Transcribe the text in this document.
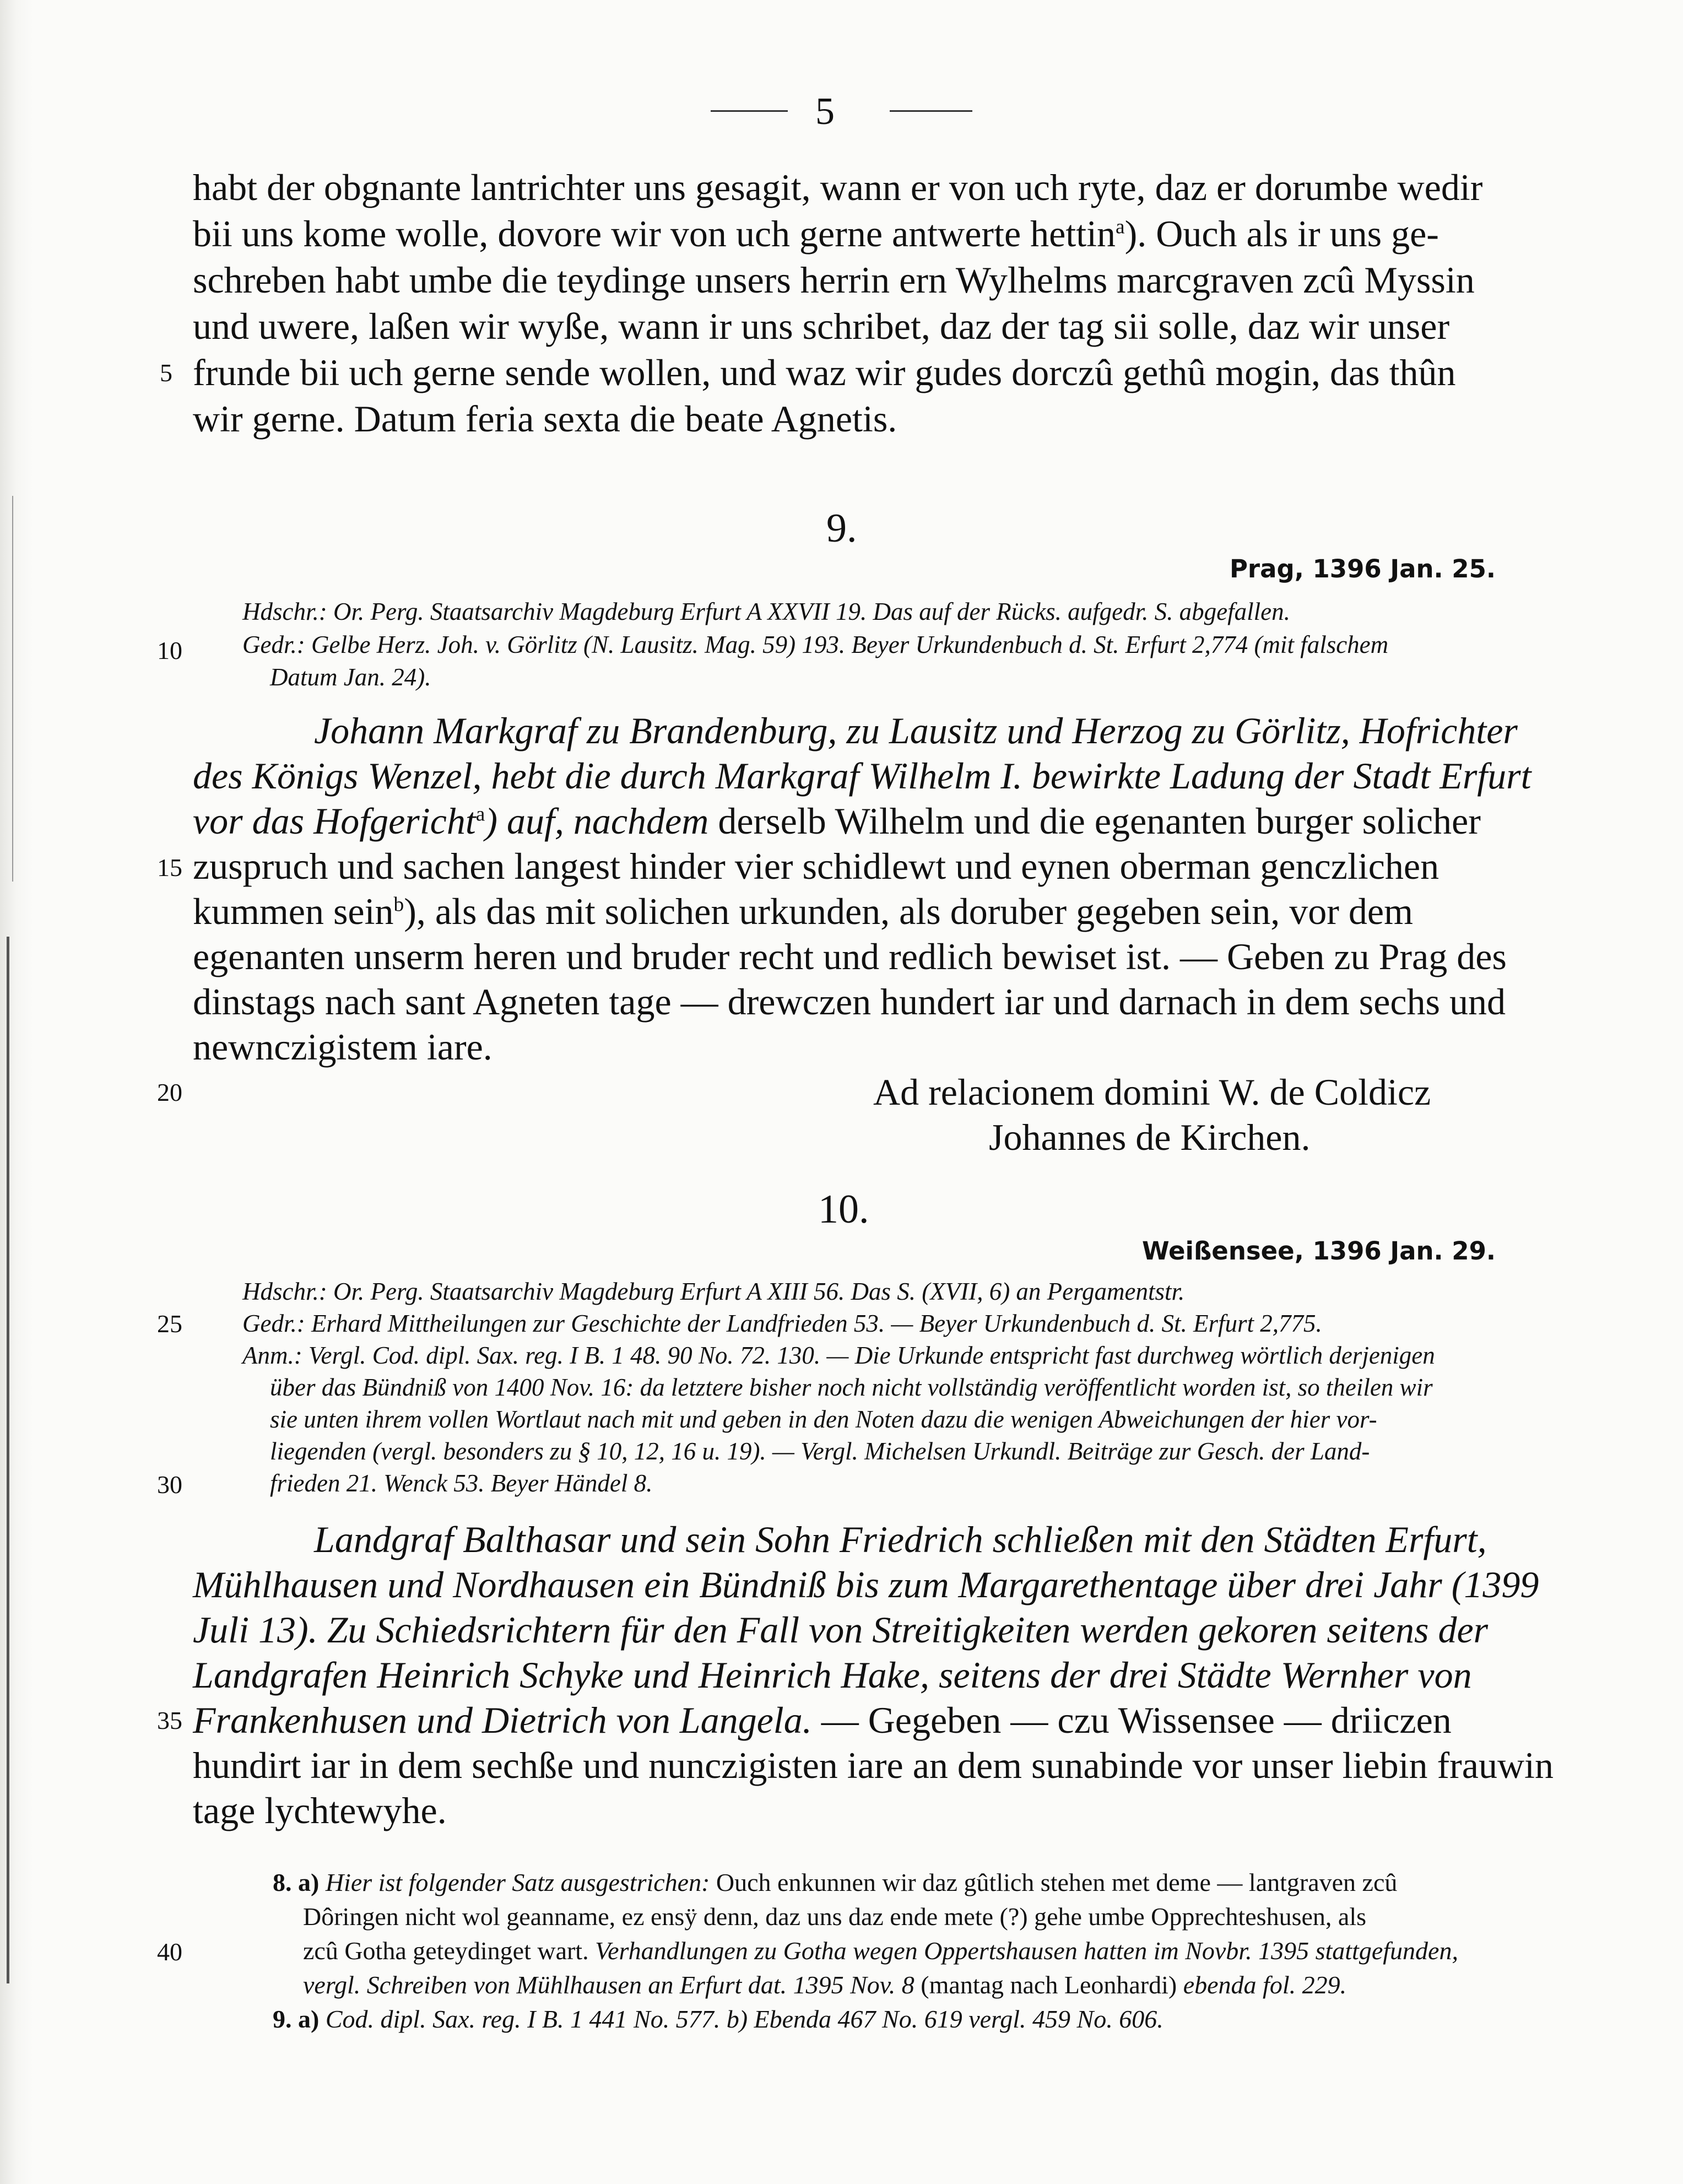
5
habt der obgnante lantrichter uns gesagit, wann er von uch ryte, daz er dorumbe wedir
bii uns kome wolle, dovore wir von uch gerne antwerte hettin$^a$). Ouch als ir uns ge-
schreben habt umbe die teydinge unsers herrin ern Wylhelms marcgraven zcû Myssin
und uwere, laßen wir wyße, wann ir uns schribet, daz der tag sii solle, daz wir unser
frunde bii uch gerne sende wollen, und waz wir gudes dorczû gethû mogin, das thûn
wir gerne. Datum feria sexta die beate Agnetis.
9.
Prag, 1396 Jan. 25.
Hdschr.: Or. Perg. Staatsarchiv Magdeburg Erfurt A XXVII 19. Das auf der Rücks. aufgedr. S. abgefallen.
Gedr.: Gelbe Herz. Joh. v. Görlitz (N. Lausitz. Mag. 59) 193. Beyer Urkundenbuch d. St. Erfurt 2,774 (mit falschem
Datum Jan. 24).
Johann Markgraf zu Brandenburg, zu Lausitz und Herzog zu Görlitz, Hofrichter
des Königs Wenzel, hebt die durch Markgraf Wilhelm I. bewirkte Ladung der Stadt Erfurt
vor das Hofgericht$^a$) auf, nachdem derselb Wilhelm und die egenanten burger solicher
zuspruch und sachen langest hinder vier schidlewt und eynen oberman genczlichen
kummen sein$^b$), als das mit solichen urkunden, als doruber gegeben sein, vor dem
egenanten unserm heren und bruder recht und redlich bewiset ist. — Geben zu Prag des
dinstags nach sant Agneten tage — drewczen hundert iar und darnach in dem sechs und
newnczigistem iare.
Ad relacionem domini W. de Coldicz
Johannes de Kirchen.
10.
Weißensee, 1396 Jan. 29.
Hdschr.: Or. Perg. Staatsarchiv Magdeburg Erfurt A XIII 56. Das S. (XVII, 6) an Pergamentstr.
Gedr.: Erhard Mittheilungen zur Geschichte der Landfrieden 53. — Beyer Urkundenbuch d. St. Erfurt 2,775.
Anm.: Vergl. Cod. dipl. Sax. reg. I B. 1 48. 90 No. 72. 130. — Die Urkunde entspricht fast durchweg wörtlich derjenigen
über das Bündniß von 1400 Nov. 16: da letztere bisher noch nicht vollständig veröffentlicht worden ist, so theilen wir
sie unten ihrem vollen Wortlaut nach mit und geben in den Noten dazu die wenigen Abweichungen der hier vor-
liegenden (vergl. besonders zu § 10, 12, 16 u. 19). — Vergl. Michelsen Urkundl. Beiträge zur Gesch. der Land-
frieden 21. Wenck 53. Beyer Händel 8.
Landgraf Balthasar und sein Sohn Friedrich schließen mit den Städten Erfurt,
Mühlhausen und Nordhausen ein Bündniß bis zum Margarethentage über drei Jahr (1399
Juli 13). Zu Schiedsrichtern für den Fall von Streitigkeiten werden gekoren seitens der
Landgrafen Heinrich Schyke und Heinrich Hake, seitens der drei Städte Wernher von
Frankenhusen und Dietrich von Langela. — Gegeben — czu Wissensee — driiczen
hundirt iar in dem sechße und nunczigisten iare an dem sunabinde vor unser liebin frauwin
tage lychtewyhe.
8. a) Hier ist folgender Satz ausgestrichen: Ouch enkunnen wir daz gûtlich stehen met deme — lantgraven zcû
Dôringen nicht wol geanname, ez ensÿ denn, daz uns daz ende mete (?) gehe umbe Opprechteshusen, als
zcû Gotha geteydinget wart. Verhandlungen zu Gotha wegen Oppertshausen hatten im Novbr. 1395 stattgefunden,
vergl. Schreiben von Mühlhausen an Erfurt dat. 1395 Nov. 8 (mantag nach Leonhardi) ebenda fol. 229.
9. a) Cod. dipl. Sax. reg. I B. 1 441 No. 577. b) Ebenda 467 No. 619 vergl. 459 No. 606.
5
10
15
20
25
30
35
40
